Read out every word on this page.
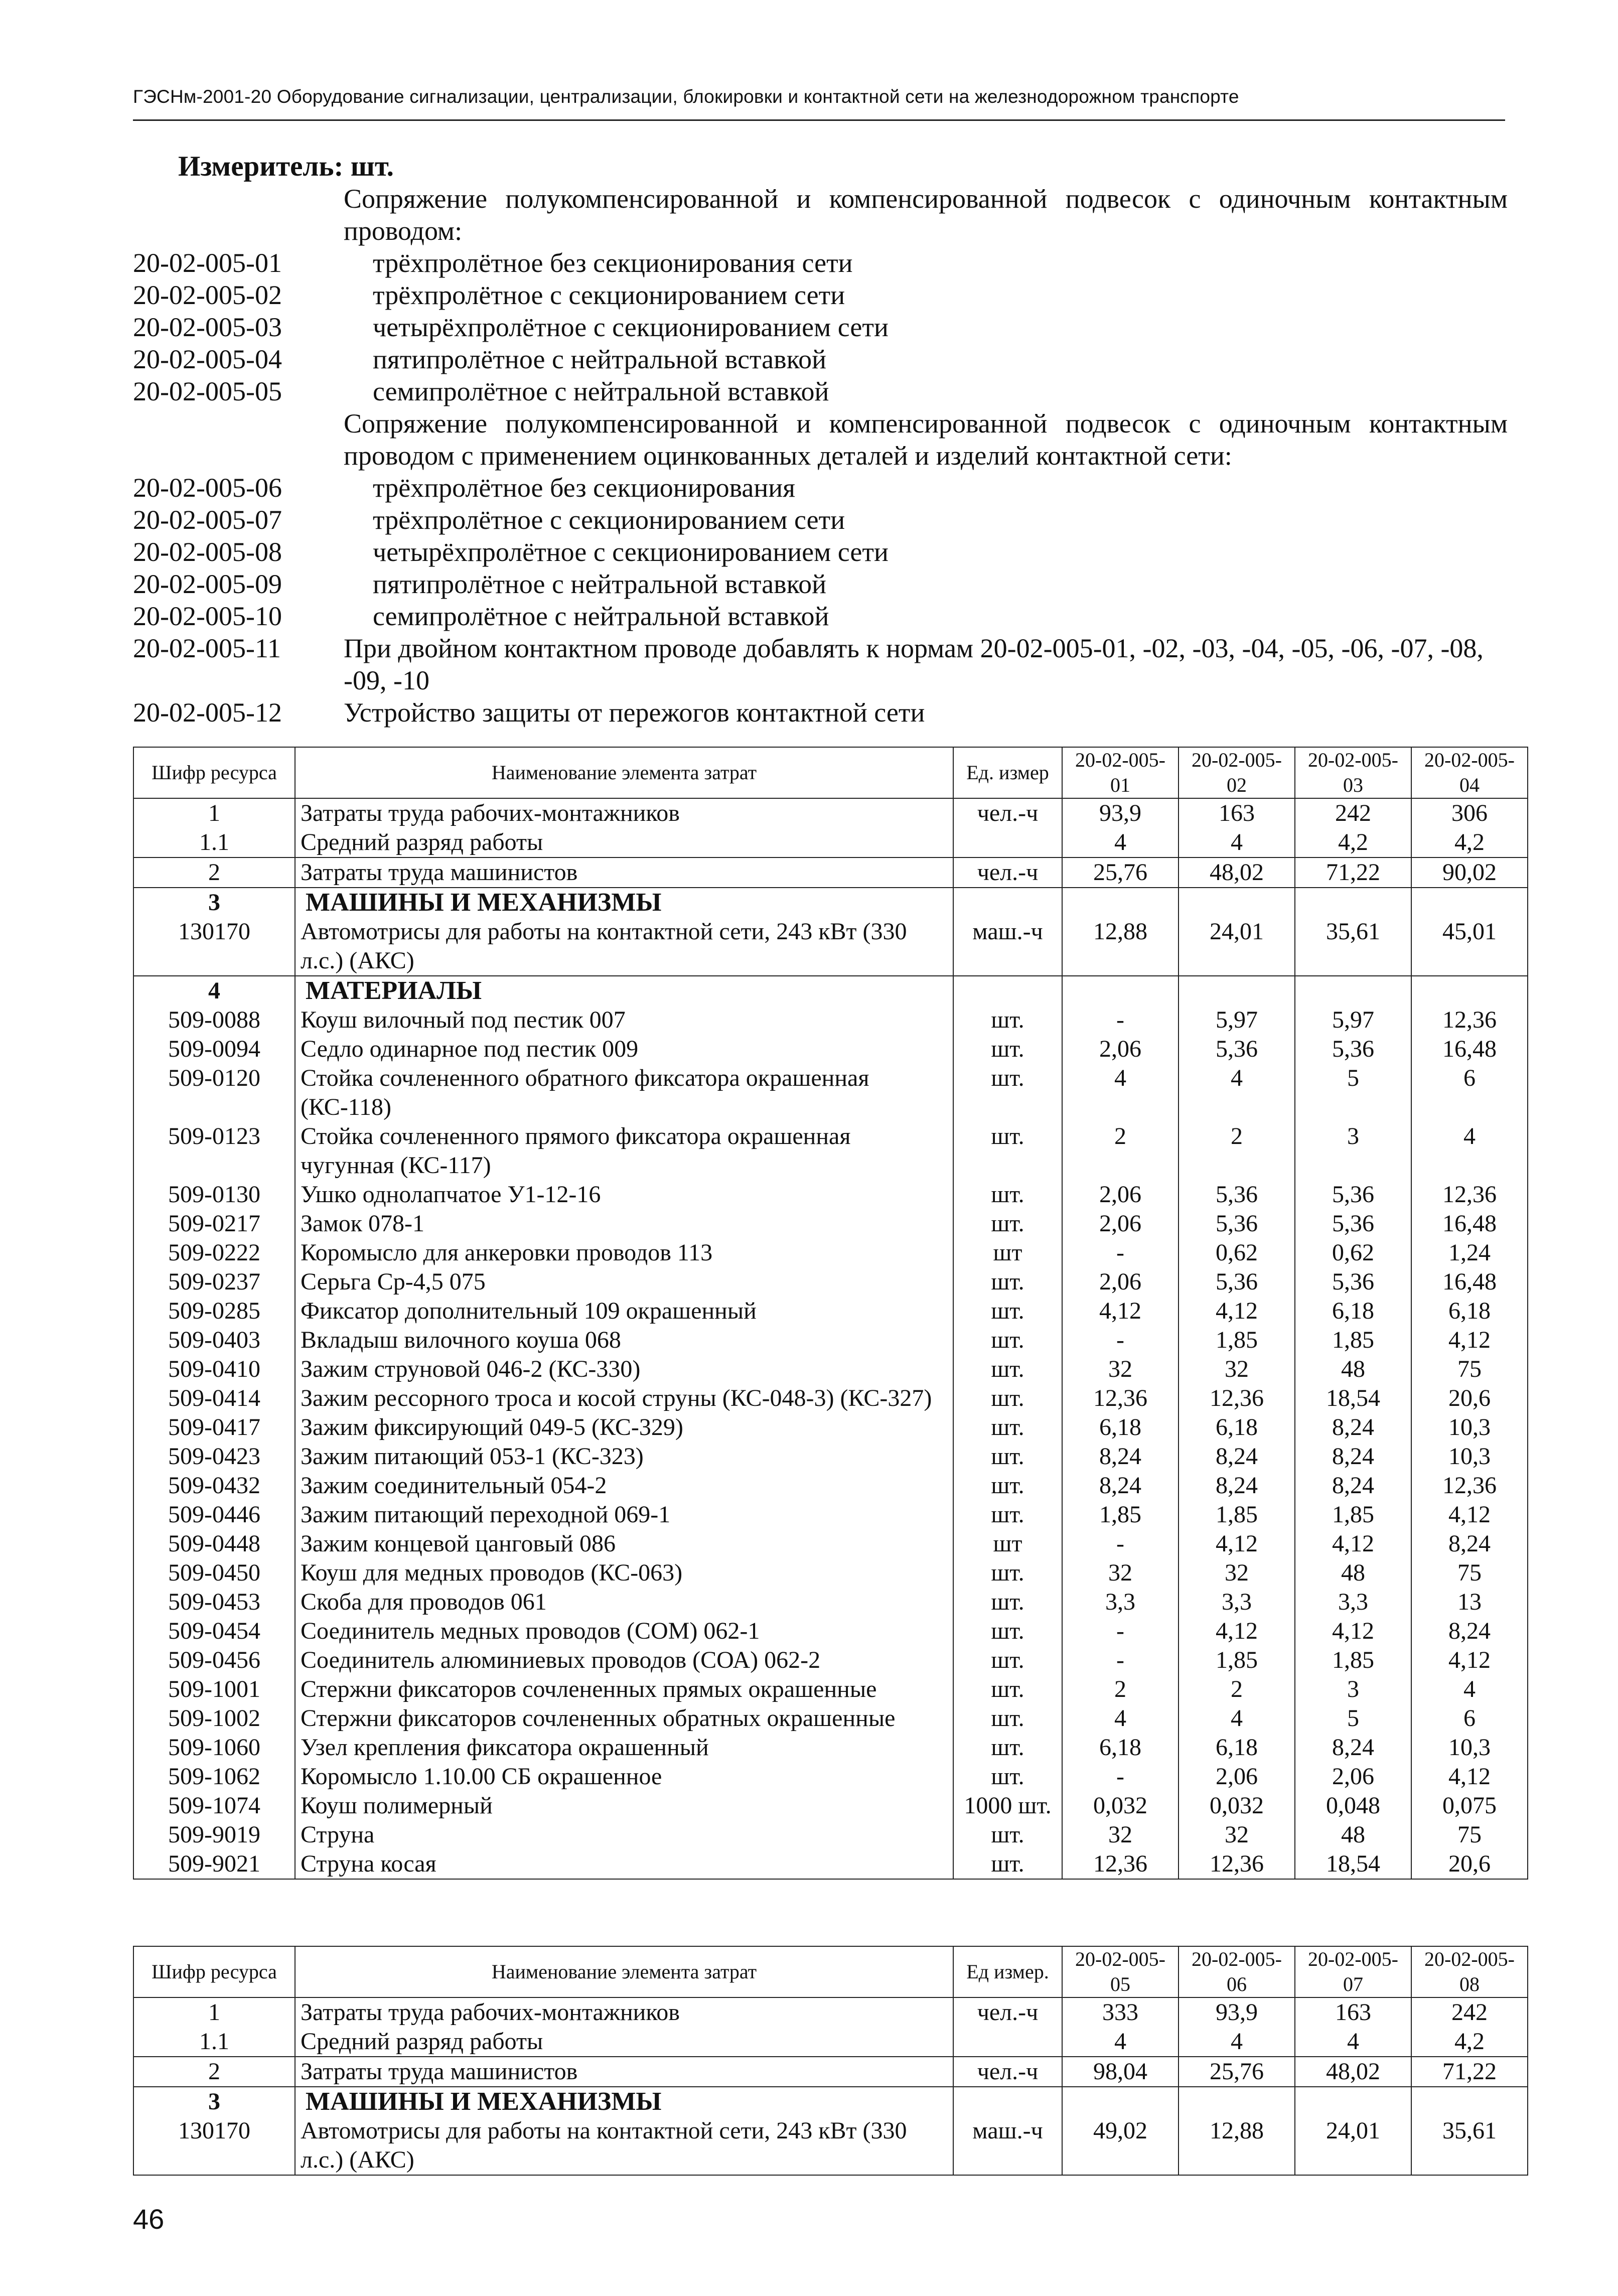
ГЭСНм-2001-20 Оборудование сигнализации, централизации, блокировки и контактной сети на железнодорожном транспорте
Измеритель: шт.
Сопряжение полукомпенсированной и компенсированной подвесок с одиночным контактным проводом:
20-02-005-01	трёхпролётное без секционирования сети
20-02-005-02	трёхпролётное с секционированием сети
20-02-005-03	четырёхпролётное с секционированием сети
20-02-005-04	пятипролётное с нейтральной вставкой
20-02-005-05	семипролётное с нейтральной вставкой
Сопряжение полукомпенсированной и компенсированной подвесок с одиночным контактным проводом с применением оцинкованных деталей и изделий контактной сети:
20-02-005-06	трёхпролётное без секционирования
20-02-005-07	трёхпролётное с секционированием сети
20-02-005-08	четырёхпролётное с секционированием сети
20-02-005-09	пятипролётное с нейтральной вставкой
20-02-005-10	семипролётное с нейтральной вставкой
20-02-005-11	При двойном контактном проводе добавлять к нормам 20-02-005-01, -02, -03, -04, -05, -06, -07, -08, -09, -10
20-02-005-12	Устройство защиты от пережогов контактной сети
Шифр ресурса	Наименование элемента затрат	Ед. измер	20-02-005-01	20-02-005-02	20-02-005-03	20-02-005-04
1	Затраты труда рабочих-монтажников	чел.-ч	93,9	163	242	306
1.1	Средний разряд работы		4	4	4,2	4,2
2	Затраты труда машинистов	чел.-ч	25,76	48,02	71,22	90,02
3	МАШИНЫ И МЕХАНИЗМЫ					
130170	Автомотрисы для работы на контактной сети, 243 кВт (330 л.с.) (АКС)	маш.-ч	12,88	24,01	35,61	45,01
4	МАТЕРИАЛЫ					
509-0088	Коуш вилочный под пестик 007	шт.	-	5,97	5,97	12,36
509-0094	Седло одинарное под пестик 009	шт.	2,06	5,36	5,36	16,48
509-0120	Стойка сочлененного обратного фиксатора окрашенная (КС-118)	шт.	4	4	5	6
509-0123	Стойка сочлененного прямого фиксатора окрашенная чугунная (КС-117)	шт.	2	2	3	4
509-0130	Ушко однолапчатое У1-12-16	шт.	2,06	5,36	5,36	12,36
509-0217	Замок 078-1	шт.	2,06	5,36	5,36	16,48
509-0222	Коромысло для анкеровки проводов 113	шт	-	0,62	0,62	1,24
509-0237	Серьга Ср-4,5 075	шт.	2,06	5,36	5,36	16,48
509-0285	Фиксатор дополнительный 109 окрашенный	шт.	4,12	4,12	6,18	6,18
509-0403	Вкладыш вилочного коуша 068	шт.	-	1,85	1,85	4,12
509-0410	Зажим струновой 046-2 (КС-330)	шт.	32	32	48	75
509-0414	Зажим рессорного троса и косой струны (КС-048-3) (КС-327)	шт.	12,36	12,36	18,54	20,6
509-0417	Зажим фиксирующий 049-5 (КС-329)	шт.	6,18	6,18	8,24	10,3
509-0423	Зажим питающий 053-1 (КС-323)	шт.	8,24	8,24	8,24	10,3
509-0432	Зажим соединительный 054-2	шт.	8,24	8,24	8,24	12,36
509-0446	Зажим питающий переходной 069-1	шт.	1,85	1,85	1,85	4,12
509-0448	Зажим концевой цанговый 086	шт	-	4,12	4,12	8,24
509-0450	Коуш для медных проводов (КС-063)	шт.	32	32	48	75
509-0453	Скоба для проводов 061	шт.	3,3	3,3	3,3	13
509-0454	Соединитель медных проводов (СОМ) 062-1	шт.	-	4,12	4,12	8,24
509-0456	Соединитель алюминиевых проводов (СОА) 062-2	шт.	-	1,85	1,85	4,12
509-1001	Стержни фиксаторов сочлененных прямых окрашенные	шт.	2	2	3	4
509-1002	Стержни фиксаторов сочлененных обратных окрашенные	шт.	4	4	5	6
509-1060	Узел крепления фиксатора окрашенный	шт.	6,18	6,18	8,24	10,3
509-1062	Коромысло 1.10.00 СБ окрашенное	шт.	-	2,06	2,06	4,12
509-1074	Коуш полимерный	1000 шт.	0,032	0,032	0,048	0,075
509-9019	Струна	шт.	32	32	48	75
509-9021	Струна косая	шт.	12,36	12,36	18,54	20,6
Шифр ресурса	Наименование элемента затрат	Ед измер.	20-02-005-05	20-02-005-06	20-02-005-07	20-02-005-08
1	Затраты труда рабочих-монтажников	чел.-ч	333	93,9	163	242
1.1	Средний разряд работы		4	4	4	4,2
2	Затраты труда машинистов	чел.-ч	98,04	25,76	48,02	71,22
3	МАШИНЫ И МЕХАНИЗМЫ					
130170	Автомотрисы для работы на контактной сети, 243 кВт (330 л.с.) (АКС)	маш.-ч	49,02	12,88	24,01	35,61
46
